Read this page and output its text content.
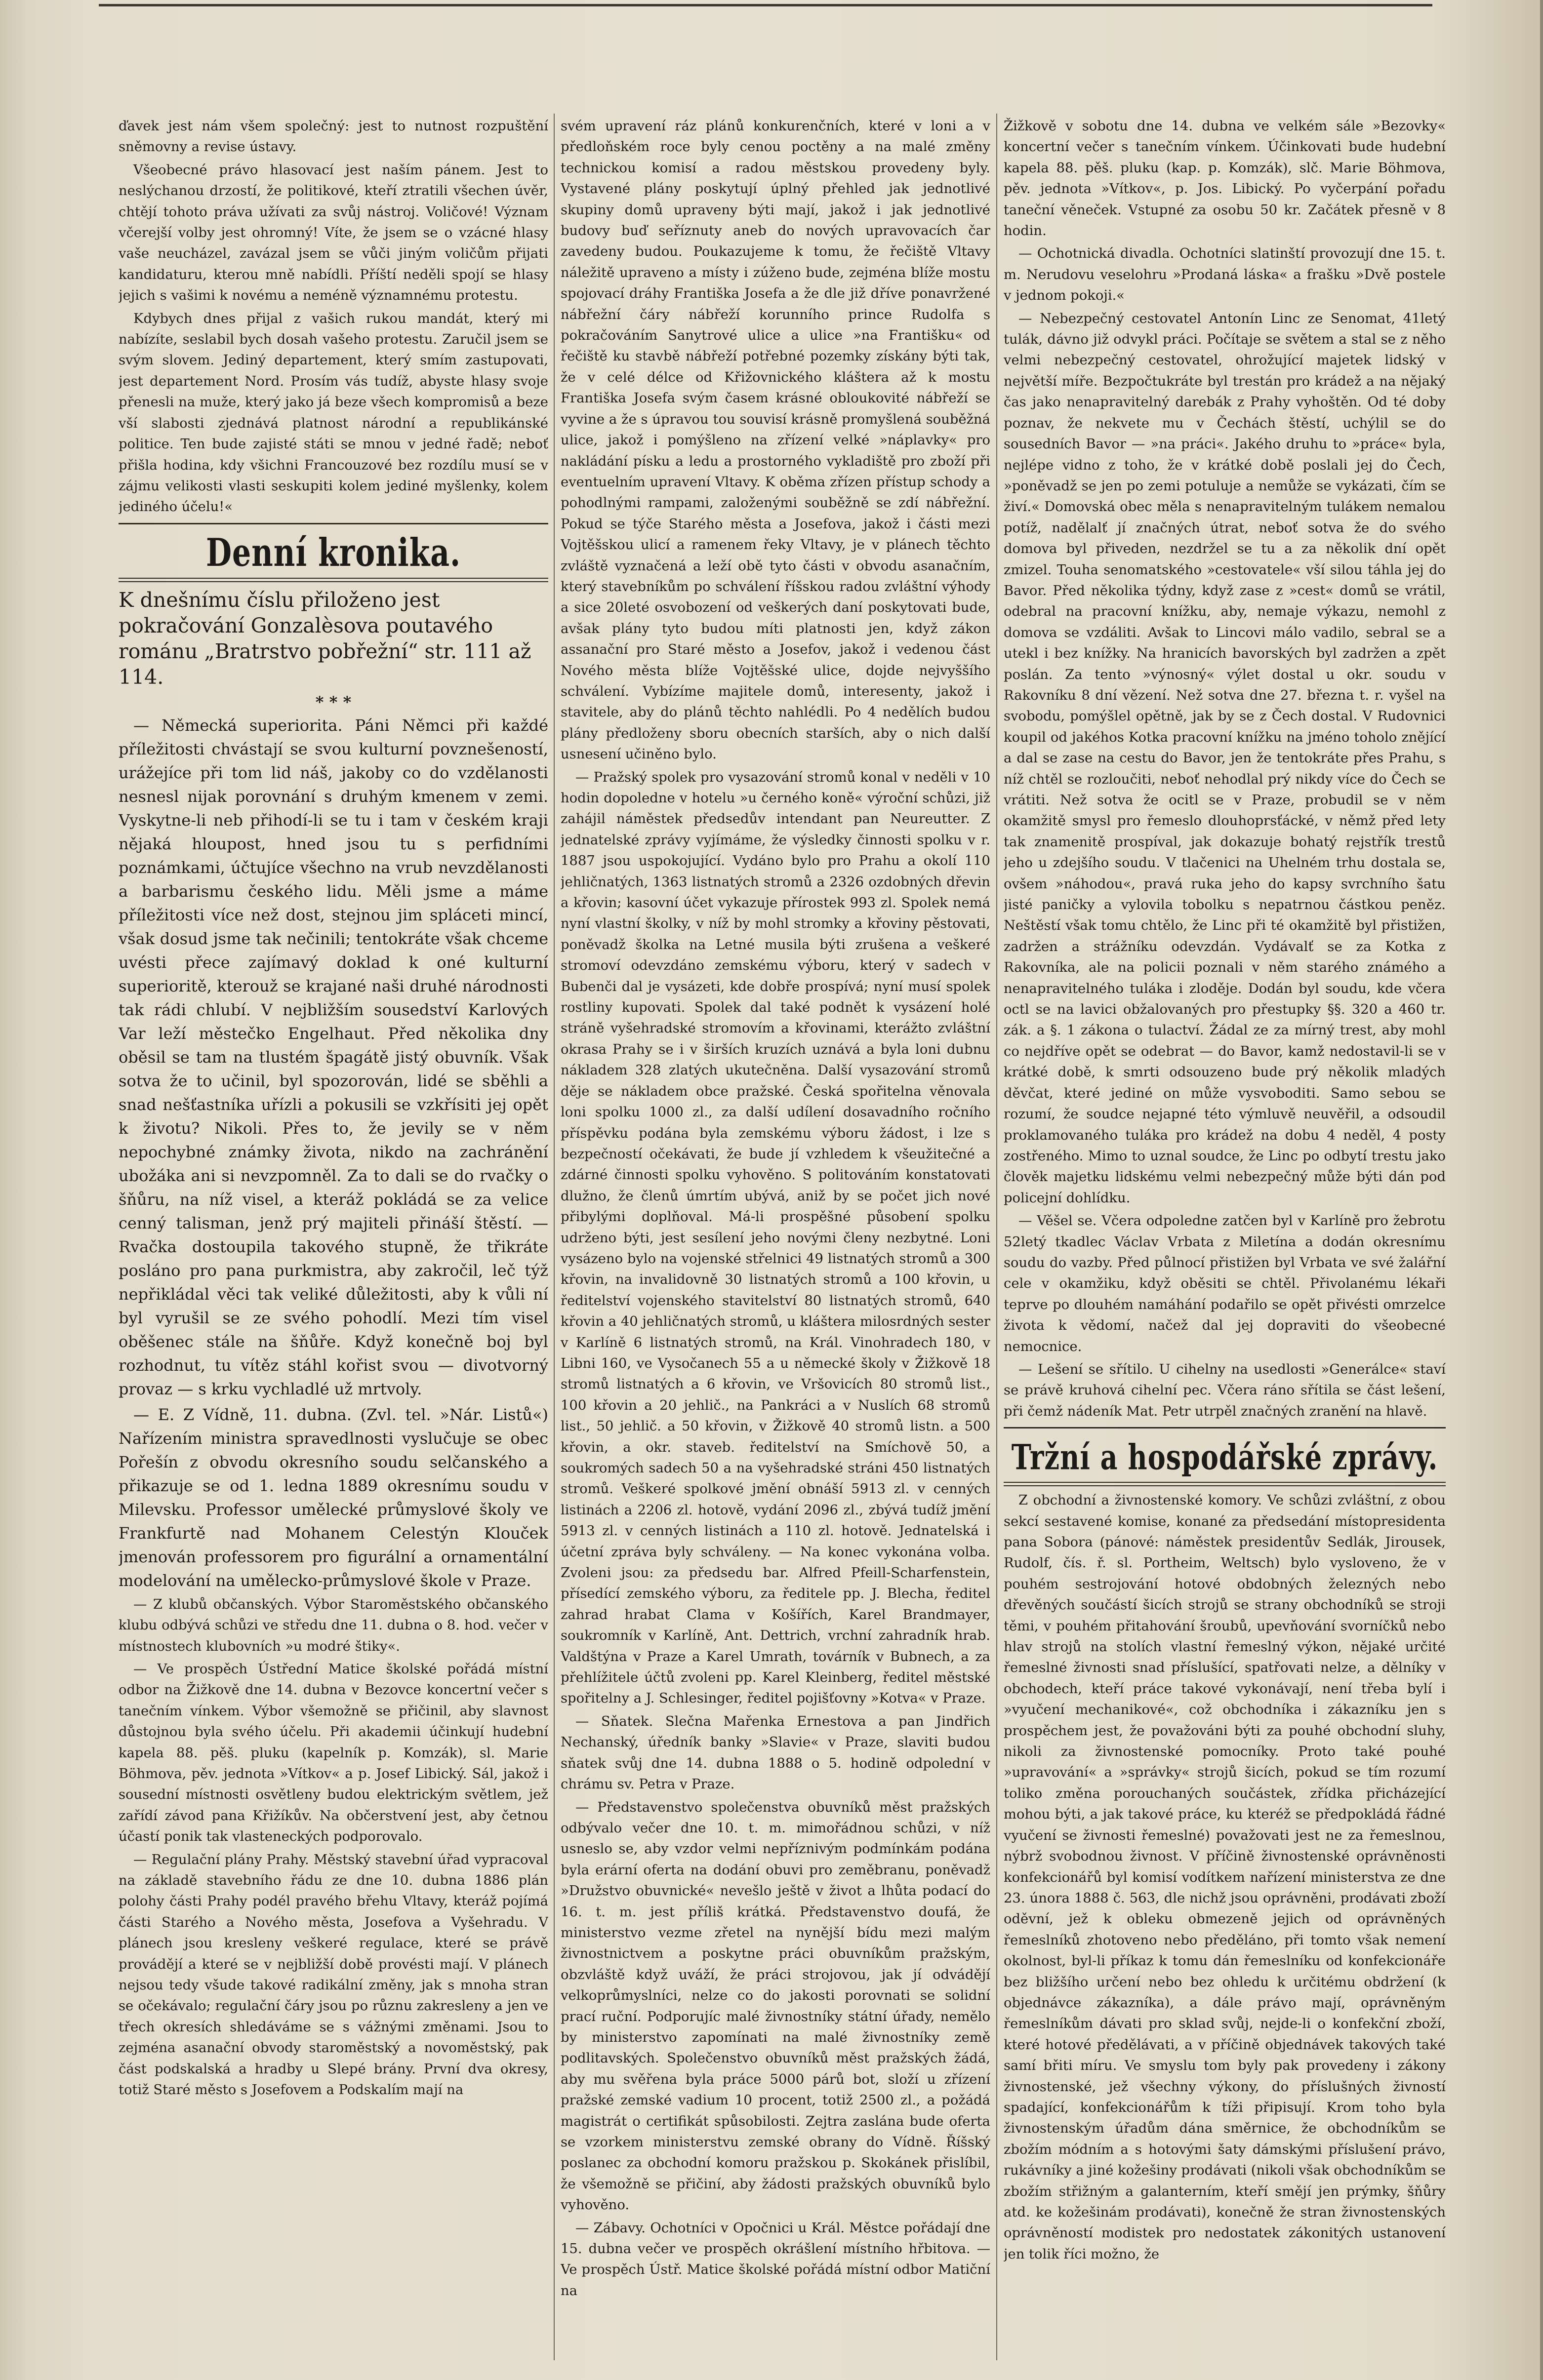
ďavek jest nám všem společný: jest to nutnost rozpuštění sněmovny a revise ústavy.

Všeobecné právo hlasovací jest naším pánem. Jest to neslýchanou drzostí, že politikové, kteří ztratili všechen úvěr, chtějí tohoto práva užívati za svůj nástroj. Voličové! Význam včerejší volby jest ohromný! Víte, že jsem se o vzácné hlasy vaše neucházel, zavázal jsem se vůči jiným voličům přijati kandidaturu, kterou mně nabídli. Příští neděli spojí se hlasy jejich s vašimi k novému a neméně významnému protestu.

Kdybych dnes přijal z vašich rukou mandát, který mi nabízíte, seslabil bych dosah vašeho protestu. Zaručil jsem se svým slovem. Jediný departement, který smím zastupovati, jest departement Nord. Prosím vás tudíž, abyste hlasy svoje přenesli na muže, který jako já beze všech kompromisů a beze vší slabosti zjednává platnost národní a republikánské politice. Ten bude zajisté státi se mnou v jedné řadě; neboť přišla hodina, kdy všichni Francouzové bez rozdílu musí se v zájmu velikosti vlasti seskupiti kolem jediné myšlenky, kolem jediného účelu!«

Denní kronika.
K dnešnímu číslu přiloženo jest pokračování Gonzalèsova poutavého románu „Bratrstvo pobřežní“ str. 111 až 114.
* * *

— Německá superiorita. Páni Němci při každé příležitosti chvástají se svou kulturní povznešeností, urážejíce při tom lid náš, jakoby co do vzdělanosti nesnesl nijak porovnání s druhým kmenem v zemi. Vyskytne-li neb přihodí-li se tu i tam v českém kraji nějaká hloupost, hned jsou tu s perfidními poznámkami, účtujíce všechno na vrub nevzdělanosti a barbarismu českého lidu. Měli jsme a máme příležitosti více než dost, stejnou jim spláceti mincí, však dosud jsme tak nečinili; tentokráte však chceme uvésti přece zajímavý doklad k oné kulturní superioritě, kterouž se krajané naši druhé národnosti tak rádi chlubí. V nejbližším sousedství Karlových Var leží městečko Engelhaut. Před několika dny oběsil se tam na tlustém špagátě jistý obuvník. Však sotva že to učinil, byl spozorován, lidé se sběhli a snad nešťastníka uřízli a pokusili se vzkřísiti jej opět k životu? Nikoli. Přes to, že jevily se v něm nepochybné známky života, nikdo na zachránění ubožáka ani si nevzpomněl. Za to dali se do rvačky o šňůru, na níž visel, a kteráž pokládá se za velice cenný talisman, jenž prý majiteli přináší štěstí. — Rvačka dostoupila takového stupně, že třikráte posláno pro pana purkmistra, aby zakročil, leč týž nepřikládal věci tak veliké důležitosti, aby k vůli ní byl vyrušil se ze svého pohodlí. Mezi tím visel oběšenec stále na šňůře. Když konečně boj byl rozhodnut, tu vítěz stáhl kořist svou — divotvorný provaz — s krku vychladlé už mrtvoly.

— E. Z Vídně, 11. dubna. (Zvl. tel. »Nár. Listů«) Nařízením ministra spravedlnosti vyslučuje se obec Pořešín z obvodu okresního soudu selčanského a přikazuje se od 1. ledna 1889 okresnímu soudu v Milevsku. Professor umělecké průmyslové školy ve Frankfurtě nad Mohanem Celestýn Klouček jmenován professorem pro figurální a ornamentální modelování na umělecko-průmyslové škole v Praze.

— Z klubů občanských. Výbor Staroměstského občanského klubu odbývá schůzi ve středu dne 11. dubna o 8. hod. večer v místnostech klubovních »u modré štiky«.

— Ve prospěch Ústřední Matice školské pořádá místní odbor na Žižkově dne 14. dubna v Bezovce koncertní večer s tanečním vínkem. Výbor všemožně se přičinil, aby slavnost důstojnou byla svého účelu. Při akademii účinkují hudební kapela 88. pěš. pluku (kapelník p. Komzák), sl. Marie Böhmova, pěv. jednota »Vítkov« a p. Josef Libický. Sál, jakož i sousední místnosti osvětleny budou elektrickým světlem, jež zařídí závod pana Křižíkův. Na občerstvení jest, aby četnou účastí ponik tak vlasteneckých podporovalo.

— Regulační plány Prahy. Městský stavební úřad vypracoval na základě stavebního řádu ze dne 10. dubna 1886 plán polohy části Prahy podél pravého břehu Vltavy, kteráž pojímá části Starého a Nového města, Josefova a Vyšehradu. V plánech jsou kresleny veškeré regulace, které se právě provádějí a které se v nejbližší době provésti mají. V plánech nejsou tedy všude takové radikální změny, jak s mnoha stran se očekávalo; regulační čáry jsou po různu zakresleny a jen ve třech okresích shledáváme se s vážnými změnami. Jsou to zejména asanační obvody staroměstský a novoměstský, pak část podskalská a hradby u Slepé brány. První dva okresy, totiž Staré město s Josefovem a Podskalím mají na

svém upravení ráz plánů konkurenčních, které v loni a v předloňském roce byly cenou poctěny a na malé změny technickou komisí a radou městskou provedeny byly. Vystavené plány poskytují úplný přehled jak jednotlivé skupiny domů upraveny býti mají, jakož i jak jednotlivé budovy buď seříznuty aneb do nových upravovacích čar zavedeny budou. Poukazujeme k tomu, že řečiště Vltavy náležitě upraveno a místy i zúženo bude, zejména blíže mostu spojovací dráhy Františka Josefa a že dle již dříve ponavržené nábřežní čáry nábřeží korunního prince Rudolfa s pokračováním Sanytrové ulice a ulice »na Františku« od řečiště ku stavbě nábřeží potřebné pozemky získány býti tak, že v celé délce od Křižovnického kláštera až k mostu Františka Josefa svým časem krásné obloukovité nábřeží se vyvine a že s úpravou tou souvisí krásně promyšlená souběžná ulice, jakož i pomýšleno na zřízení velké »náplavky« pro nakládání písku a ledu a prostorného vykladiště pro zboží při eventuelním upravení Vltavy. K oběma zřízen přístup schody a pohodlnými rampami, založenými souběžně se zdí nábřežní. Pokud se týče Starého města a Josefova, jakož i části mezi Vojtěšskou ulicí a ramenem řeky Vltavy, je v plánech těchto zvláště vyznačená a leží obě tyto části v obvodu asanačním, který stavebníkům po schválení říšskou radou zvláštní výhody a sice 20leté osvobození od veškerých daní poskytovati bude, avšak plány tyto budou míti platnosti jen, když zákon assanační pro Staré město a Josefov, jakož i vedenou část Nového města blíže Vojtěšské ulice, dojde nejvyššího schválení. Vybízíme majitele domů, interesenty, jakož i stavitele, aby do plánů těchto nahlédli. Po 4 nedělích budou plány předloženy sboru obecních starších, aby o nich další usnesení učiněno bylo.

— Pražský spolek pro vysazování stromů konal v neděli v 10 hodin dopoledne v hotelu »u černého koně« výroční schůzi, již zahájil náměstek předsedův intendant pan Neureutter. Z jednatelské zprávy vyjímáme, že výsledky činnosti spolku v r. 1887 jsou uspokojující. Vydáno bylo pro Prahu a okolí 110 jehličnatých, 1363 listnatých stromů a 2326 ozdobných dřevin a křovin; kasovní účet vykazuje přírostek 993 zl. Spolek nemá nyní vlastní školky, v níž by mohl stromky a křoviny pěstovati, poněvadž školka na Letné musila býti zrušena a veškeré stromoví odevzdáno zemskému výboru, který v sadech v Bubenči dal je vysázeti, kde dobře prospívá; nyní musí spolek rostliny kupovati. Spolek dal také podnět k vysázení holé stráně vyšehradské stromovím a křovinami, kterážto zvláštní okrasa Prahy se i v širších kruzích uznává a byla loni dubnu nákladem 328 zlatých ukutečněna. Další vysazování stromů děje se nákladem obce pražské. Česká spořitelna věnovala loni spolku 1000 zl., za další udílení dosavadního ročního příspěvku podána byla zemskému výboru žádost, i lze s bezpečností očekávati, že bude jí vzhledem k všeužitečné a zdárné činnosti spolku vyhověno. S politováním konstatovati dlužno, že členů úmrtím ubývá, aniž by se počet jich nové přibylými doplňoval. Má-li prospěšné působení spolku udrženo býti, jest sesílení jeho novými členy nezbytné. Loni vysázeno bylo na vojenské střelnici 49 listnatých stromů a 300 křovin, na invalidovně 30 listnatých stromů a 100 křovin, u ředitelství vojenského stavitelství 80 listnatých stromů, 640 křovin a 40 jehličnatých stromů, u kláštera milosrdných sester v Karlíně 6 listnatých stromů, na Král. Vinohradech 180, v Libni 160, ve Vysočanech 55 a u německé školy v Žižkově 18 stromů listnatých a 6 křovin, ve Vršovicích 80 stromů list., 100 křovin a 20 jehlič., na Pankráci a v Nuslích 68 stromů list., 50 jehlič. a 50 křovin, v Žižkově 40 stromů listn. a 500 křovin, a okr. staveb. ředitelství na Smíchově 50, a soukromých sadech 50 a na vyšehradské stráni 450 listnatých stromů. Veškeré spolkové jmění obnáší 5913 zl. v cenných listinách a 2206 zl. hotově, vydání 2096 zl., zbývá tudíž jmění 5913 zl. v cenných listinách a 110 zl. hotově. Jednatelská i účetní zpráva byly schváleny. — Na konec vykonána volba. Zvoleni jsou: za předsedu bar. Alfred Pfeill-Scharfenstein, přísedící zemského výboru, za ředitele pp. J. Blecha, ředitel zahrad hrabat Clama v Košířích, Karel Brandmayer, soukromník v Karlíně, Ant. Dettrich, vrchní zahradník hrab. Valdštýna v Praze a Karel Umrath, továrník v Bubnech, a za přehlížitele účtů zvoleni pp. Karel Kleinberg, ředitel městské spořitelny a J. Schlesinger, ředitel pojišťovny »Kotva« v Praze.

— Sňatek. Slečna Mařenka Ernestova a pan Jindřich Nechanský, úředník banky »Slavie« v Praze, slaviti budou sňatek svůj dne 14. dubna 1888 o 5. hodině odpolední v chrámu sv. Petra v Praze.

— Představenstvo společenstva obuvníků měst pražských odbývalo večer dne 10. t. m. mimořádnou schůzi, v níž usneslo se, aby vzdor velmi nepříznivým podmínkám podána byla erární oferta na dodání obuvi pro zeměbranu, poněvadž »Družstvo obuvnické« nevešlo ještě v život a lhůta podací do 16. t. m. jest příliš krátká. Představenstvo doufá, že ministerstvo vezme zřetel na nynější bídu mezi malým živnostnictvem a poskytne práci obuvníkům pražským, obzvláště když uváží, že práci strojovou, jak jí odvádějí velkoprůmyslníci, nelze co do jakosti porovnati se solidní prací ruční. Podporujíc malé živnostníky státní úřady, nemělo by ministerstvo zapomínati na malé živnostníky země podlitavských. Společenstvo obuvníků měst pražských žádá, aby mu svěřena byla práce 5000 párů bot, složí u zřízení pražské zemské vadium 10 procent, totiž 2500 zl., a požádá magistrát o certifikát spůsobilosti. Zejtra zaslána bude oferta se vzorkem ministerstvu zemské obrany do Vídně. Říšský poslanec za obchodní komoru pražskou p. Skokánek přislíbil, že všemožně se přičiní, aby žádosti pražských obuvníků bylo vyhověno.

— Zábavy. Ochotníci v Opočnici u Král. Městce pořádají dne 15. dubna večer ve prospěch okrášlení místního hřbitova. — Ve prospěch Ústř. Matice školské pořádá místní odbor Matiční na

Žižkově v sobotu dne 14. dubna ve velkém sále »Bezovky« koncertní večer s tanečním vínkem. Účinkovati bude hudební kapela 88. pěš. pluku (kap. p. Komzák), slč. Marie Böhmova, pěv. jednota »Vítkov«, p. Jos. Libický. Po vyčerpání pořadu taneční věneček. Vstupné za osobu 50 kr. Začátek přesně v 8 hodin.

— Ochotnická divadla. Ochotníci slatinští provozují dne 15. t. m. Nerudovu veselohru »Prodaná láska« a frašku »Dvě postele v jednom pokoji.«

— Nebezpečný cestovatel Antonín Linc ze Senomat, 41letý tulák, dávno již odvykl práci. Počítaje se světem a stal se z něho velmi nebezpečný cestovatel, ohrožující majetek lidský v největší míře. Bezpočtukráte byl trestán pro krádež a na nějaký čas jako nenapravitelný darebák z Prahy vyhoštěn. Od té doby poznav, že nekvete mu v Čechách štěstí, uchýlil se do sousedních Bavor — »na práci«. Jakého druhu to »práce« byla, nejlépe vidno z toho, že v krátké době poslali jej do Čech, »poněvadž se jen po zemi potuluje a nemůže se vykázati, čím se živí.« Domovská obec měla s nenapravitelným tulákem nemalou potíž, nadělalť jí značných útrat, neboť sotva že do svého domova byl přiveden, nezdržel se tu a za několik dní opět zmizel. Touha senomatského »cestovatele« vší silou táhla jej do Bavor. Před několika týdny, když zase z »cest« domů se vrátil, odebral na pracovní knížku, aby, nemaje výkazu, nemohl z domova se vzdáliti. Avšak to Lincovi málo vadilo, sebral se a utekl i bez knížky. Na hranicích bavorských byl zadržen a zpět poslán. Za tento »výnosný« výlet dostal u okr. soudu v Rakovníku 8 dní vězení. Než sotva dne 27. března t. r. vyšel na svobodu, pomýšlel opětně, jak by se z Čech dostal. V Rudovnici koupil od jakéhos Kotka pracovní knížku na jméno toholo znějící a dal se zase na cestu do Bavor, jen že tentokráte přes Prahu, s níž chtěl se rozloučiti, neboť nehodlal prý nikdy více do Čech se vrátiti. Než sotva že ocitl se v Praze, probudil se v něm okamžitě smysl pro řemeslo dlouhoprsťácké, v němž před lety tak znamenitě prospíval, jak dokazuje bohatý rejstřík trestů jeho u zdejšího soudu. V tlačenici na Uhelném trhu dostala se, ovšem »náhodou«, pravá ruka jeho do kapsy svrchního šatu jisté paničky a vylovila tobolku s nepatrnou částkou peněz. Neštěstí však tomu chtělo, že Linc při té okamžitě byl přistižen, zadržen a strážníku odevzdán. Vydávalť se za Kotka z Rakovníka, ale na policii poznali v něm starého známého a nenapravitelného tuláka i zloděje. Dodán byl soudu, kde včera octl se na lavici obžalovaných pro přestupky §§. 320 a 460 tr. zák. a §. 1 zákona o tulactví. Žádal ze za mírný trest, aby mohl co nejdříve opět se odebrat — do Bavor, kamž nedostavil-li se v krátké době, k smrti odsouzeno bude prý několik mladých děvčat, které jediné on může vysvoboditi. Samo sebou se rozumí, že soudce nejapné této výmluvě neuvěřil, a odsoudil proklamovaného tuláka pro krádež na dobu 4 neděl, 4 posty zostřeného. Mimo to uznal soudce, že Linc po odbytí trestu jako člověk majetku lidskému velmi nebezpečný může býti dán pod policejní dohlídku.

— Věšel se. Včera odpoledne zatčen byl v Karlíně pro žebrotu 52letý tkadlec Václav Vrbata z Miletína a dodán okresnímu soudu do vazby. Před půlnocí přistižen byl Vrbata ve své žalářní cele v okamžiku, když oběsiti se chtěl. Přivolanému lékaři teprve po dlouhém namáhání podařilo se opět přivésti omrzelce života k vědomí, načež dal jej dopraviti do všeobecné nemocnice.

— Lešení se sřítilo. U cihelny na usedlosti »Generálce« staví se právě kruhová cihelní pec. Včera ráno sřítila se část lešení, při čemž nádeník Mat. Petr utrpěl značných zranění na hlavě.

Tržní a hospodářské zprávy.

Z obchodní a živnostenské komory. Ve schůzi zvláštní, z obou sekcí sestavené komise, konané za předsedání místopresidenta pana Sobora (pánové: náměstek presidentův Sedlák, Jirousek, Rudolf, čís. ř. sl. Portheim, Weltsch) bylo vysloveno, že v pouhém sestrojování hotové obdobných železných nebo dřevěných součástí šicích strojů se strany obchodníků se stroji těmi, v pouhém přitahování šroubů, upevňování svorníčků nebo hlav strojů na stolích vlastní řemeslný výkon, nějaké určité řemeslné živnosti snad příslušící, spatřovati nelze, a dělníky v obchodech, kteří práce takové vykonávají, není třeba bylí i »vyučení mechanikové«, což obchodníka i zákazníku jen s prospěchem jest, že považováni býti za pouhé obchodní sluhy, nikoli za živnostenské pomocníky. Proto také pouhé »upravování« a »správky« strojů šicích, pokud se tím rozumí toliko změna porouchaných součástek, zřídka přicházející mohou býti, a jak takové práce, ku kteréž se předpokládá řádné vyučení se živnosti řemeslné) považovati jest ne za řemeslnou, nýbrž svobodnou živnost. V příčině živnostenské oprávněnosti konfekcionářů byl komisí vodítkem nařízení ministerstva ze dne 23. února 1888 č. 563, dle nichž jsou oprávněni, prodávati zboží oděvní, jež k obleku obmezeně jejich od oprávněných řemeslníků zhotoveno nebo předěláno, při tomto však nemení okolnost, byl-li příkaz k tomu dán řemeslníku od konfekcionáře bez bližšího určení nebo bez ohledu k určitému obdržení (k objednávce zákazníka), a dále právo mají, oprávněným řemeslníkům dávati pro sklad svůj, nejde-li o konfekční zboží, které hotové předělávati, a v příčině objednávek takových také samí břiti míru. Ve smyslu tom byly pak provedeny i zákony živnostenské, jež všechny výkony, do příslušných živností spadající, konfekcionářům k tíži připisují. Krom toho byla živnostenským úřadům dána směrnice, že obchodníkům se zbožím módním a s hotovými šaty dámskými příslušení právo, rukávníky a jiné kožešiny prodávati (nikoli však obchodníkům se zbožím střižným a galanterním, kteří smějí jen prýmky, šňůry atd. ke kožešinám prodávati), konečně že stran živnostenských oprávněností modistek pro nedostatek zákonitých ustanovení jen tolik říci možno, že
